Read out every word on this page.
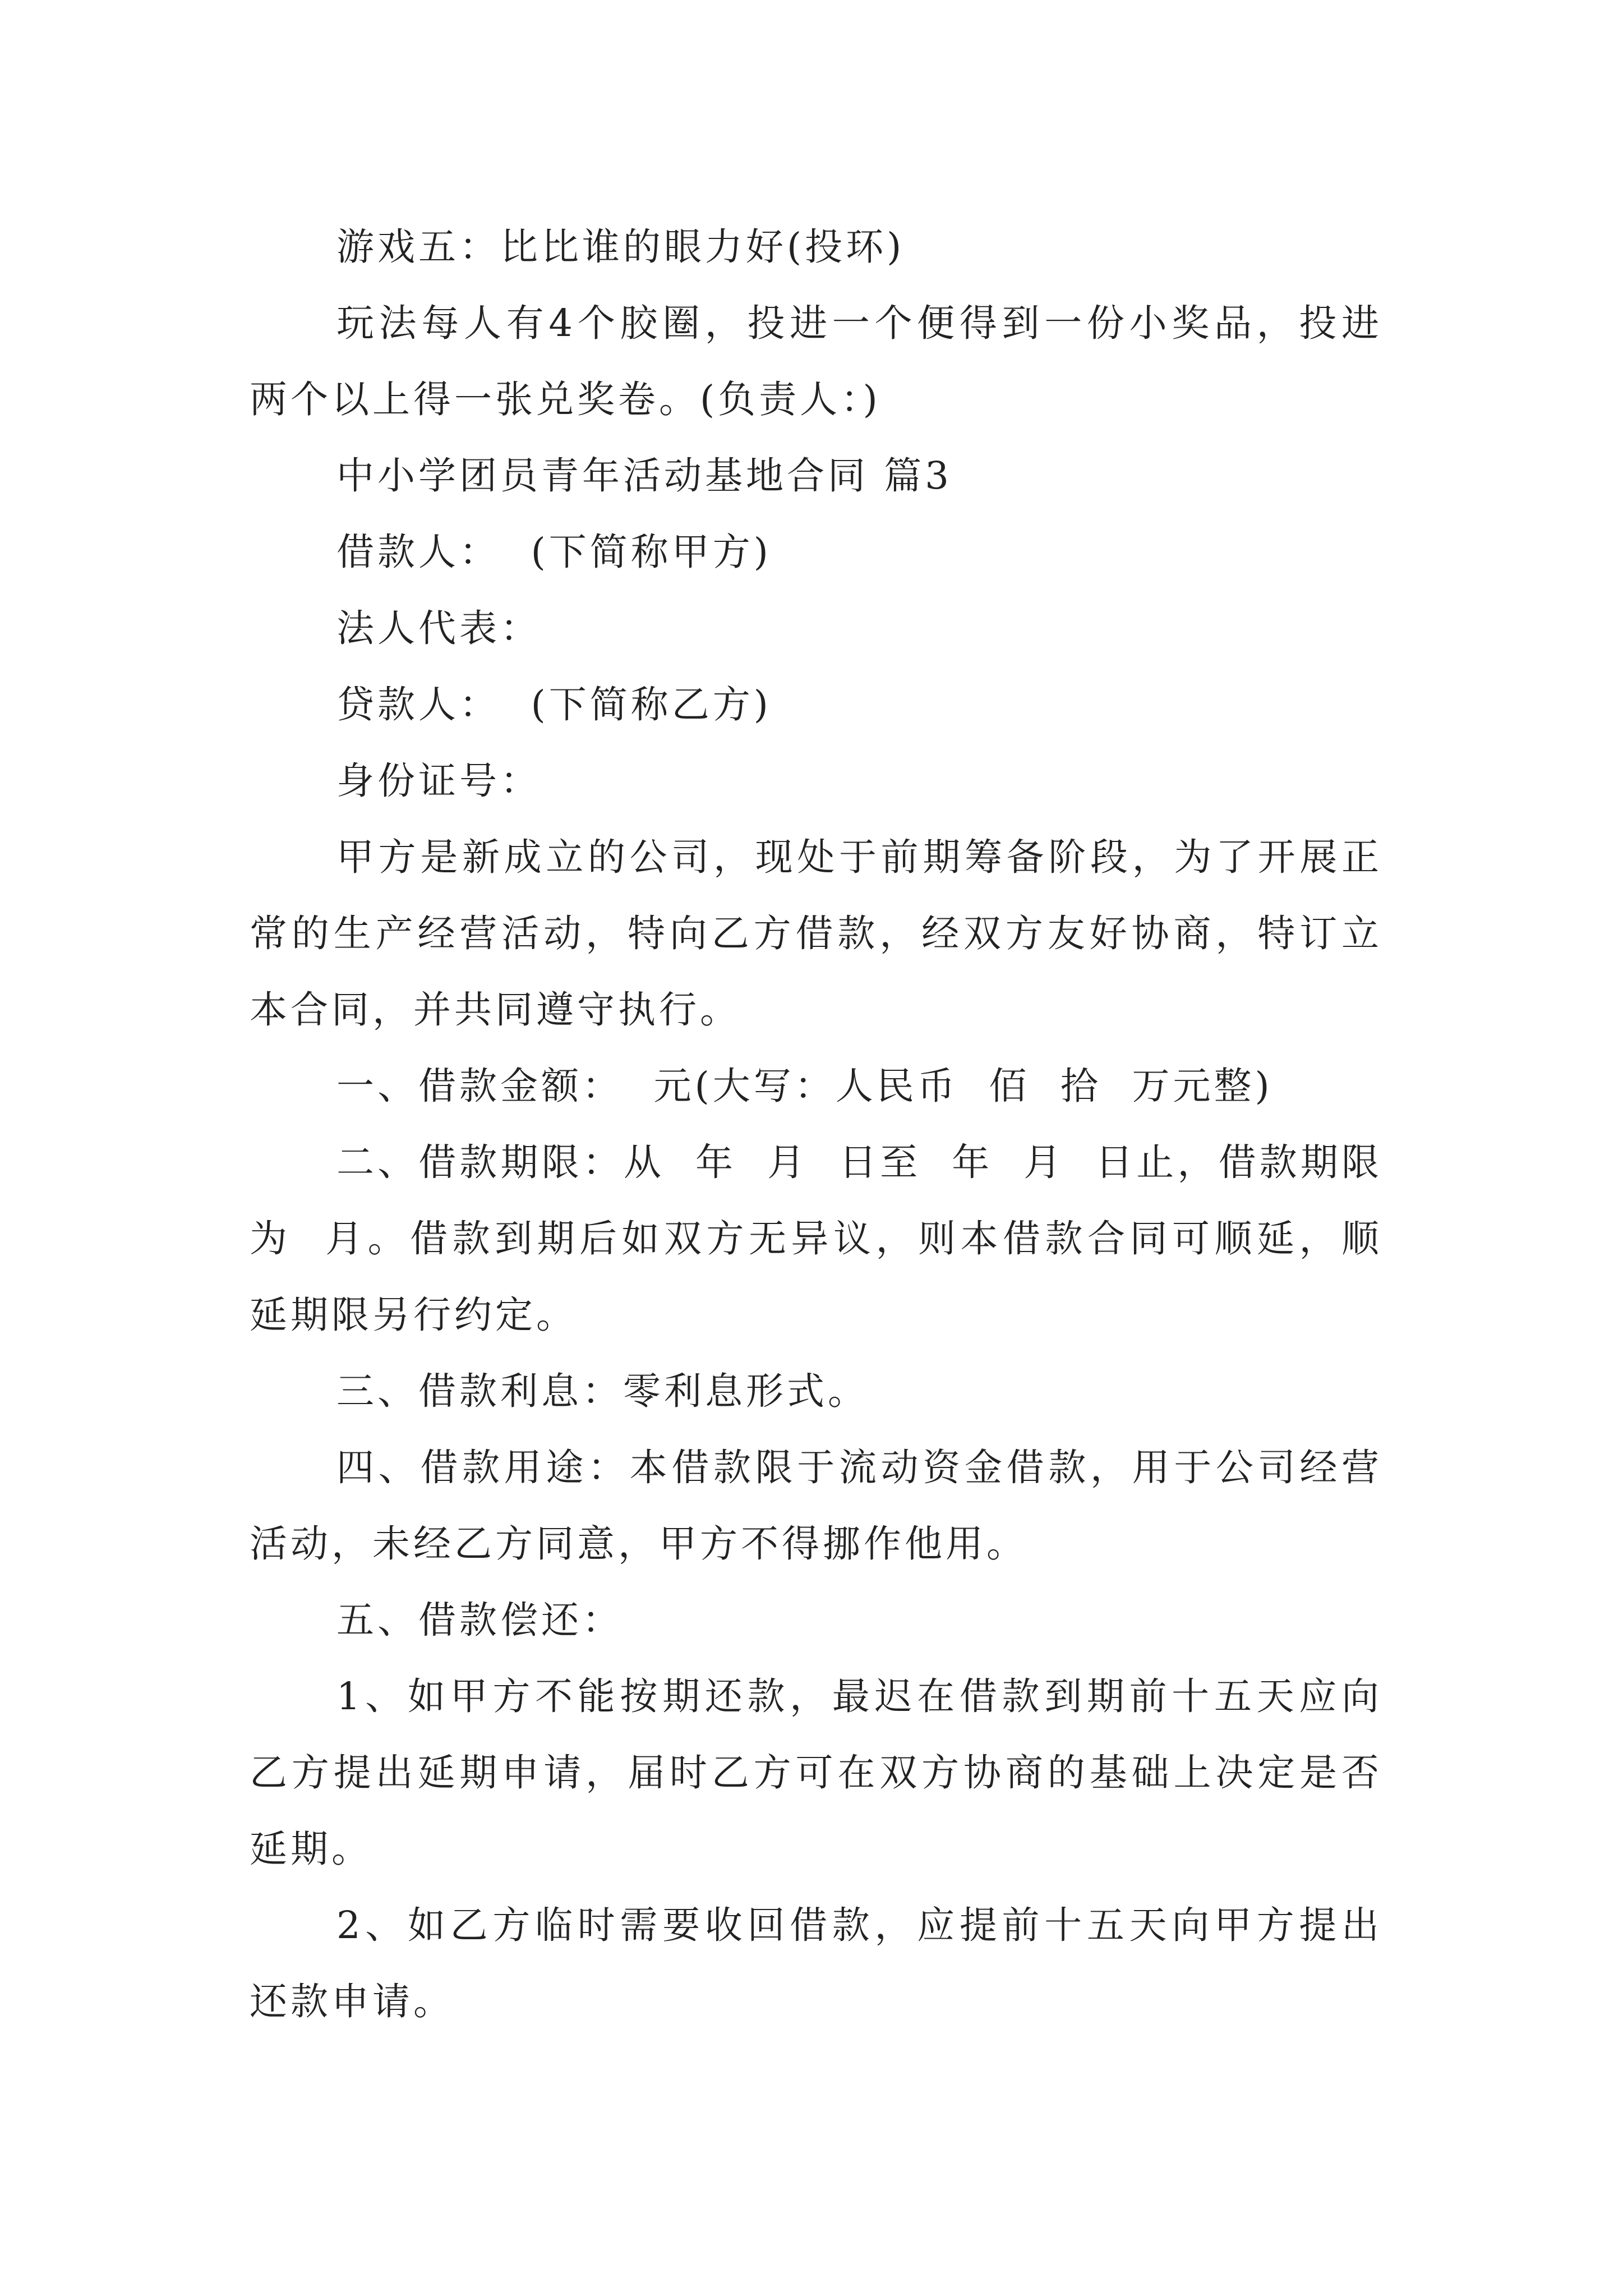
游戏五：比比谁的眼力好(投环)

玩法每人有4个胶圈，投进一个便得到一份小奖品，投进两个以上得一张兑奖卷。(负责人：)

中小学团员青年活动基地合同 篇3

借款人：  (下简称甲方)

法人代表：

贷款人：  (下简称乙方)

身份证号：

甲方是新成立的公司，现处于前期筹备阶段，为了开展正常的生产经营活动，特向乙方借款，经双方友好协商，特订立本合同，并共同遵守执行。

一、借款金额：  元(大写：人民币  佰  拾  万元整)

二、借款期限：从  年  月  日至  年  月  日止，借款期限为  月。借款到期后如双方无异议，则本借款合同可顺延，顺延期限另行约定。

三、借款利息：零利息形式。

四、借款用途：本借款限于流动资金借款，用于公司经营活动，未经乙方同意，甲方不得挪作他用。

五、借款偿还：

1、如甲方不能按期还款，最迟在借款到期前十五天应向乙方提出延期申请，届时乙方可在双方协商的基础上决定是否延期。

2、如乙方临时需要收回借款，应提前十五天向甲方提出还款申请。
